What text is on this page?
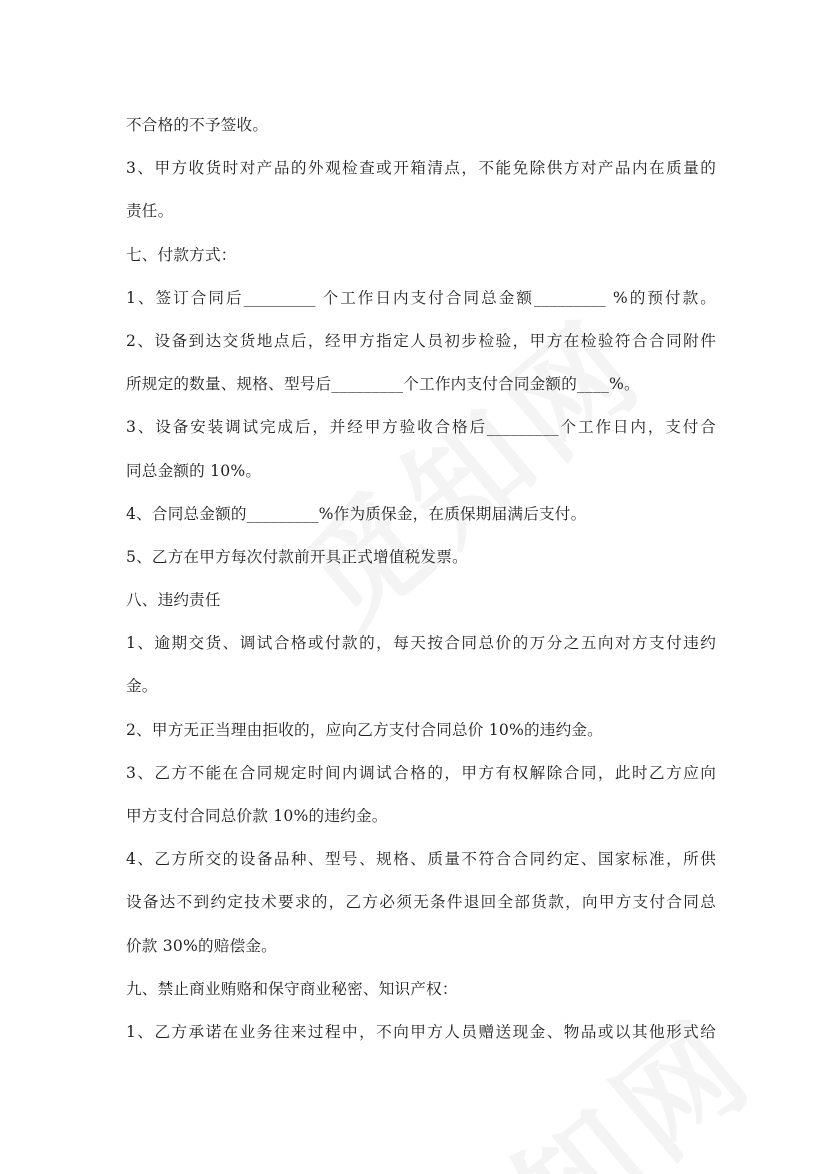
不合格的不予签收。
3、甲方收货时对产品的外观检查或开箱清点，不能免除供方对产品内在质量的
责任。
七、付款方式：
1、签订合同后_________ 个工作日内支付合同总金额_________ %的预付款。
2、设备到达交货地点后，经甲方指定人员初步检验，甲方在检验符合合同附件
所规定的数量、规格、型号后_________个工作内支付合同金额的____%。
3、设备安装调试完成后，并经甲方验收合格后_________个工作日内，支付合
同总金额的 10%。
4、合同总金额的_________%作为质保金，在质保期届满后支付。
5、乙方在甲方每次付款前开具正式增值税发票。
八、违约责任
1、逾期交货、调试合格或付款的，每天按合同总价的万分之五向对方支付违约
金。
2、甲方无正当理由拒收的，应向乙方支付合同总价 10%的违约金。
3、乙方不能在合同规定时间内调试合格的，甲方有权解除合同，此时乙方应向
甲方支付合同总价款 10%的违约金。
4、乙方所交的设备品种、型号、规格、质量不符合合同约定、国家标准，所供
设备达不到约定技术要求的，乙方必须无条件退回全部货款，向甲方支付合同总
价款 30%的赔偿金。
九、禁止商业贿赂和保守商业秘密、知识产权：
1、乙方承诺在业务往来过程中，不向甲方人员赠送现金、物品或以其他形式给
